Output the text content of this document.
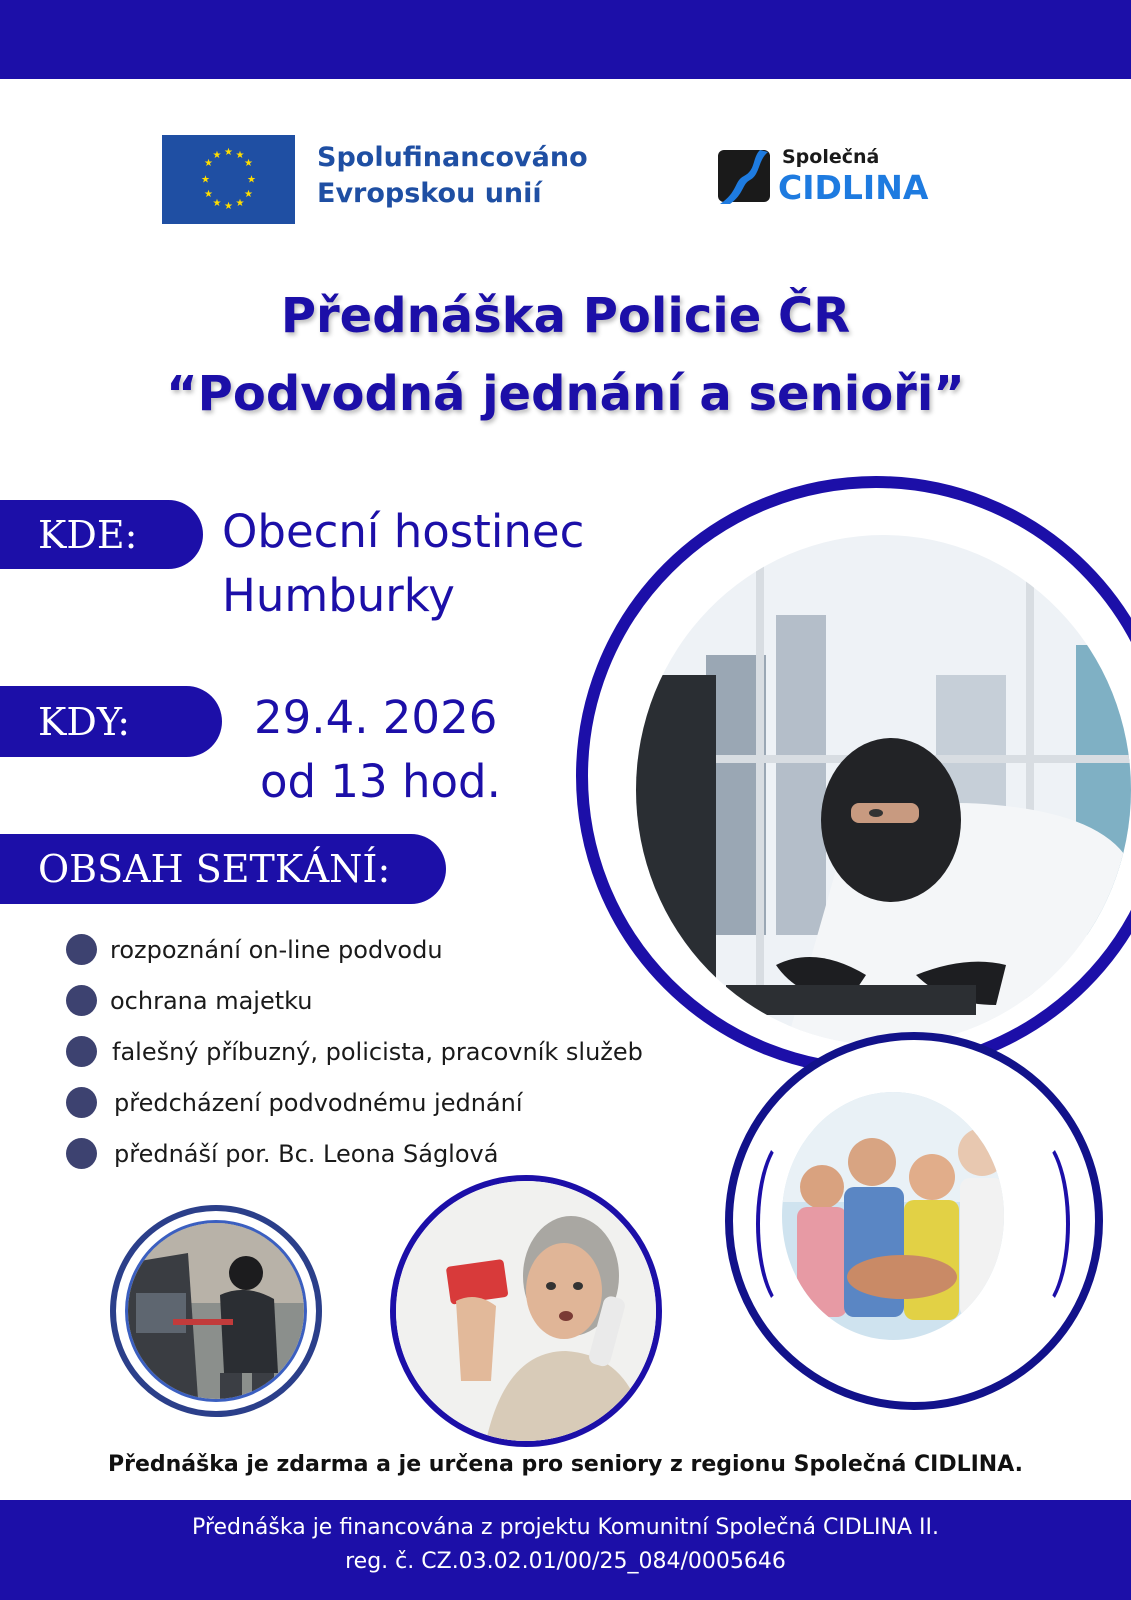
★ ★
★
★
★
★
★
★
★
★
★
★	Spolufinancováno
Evropskou unií
Společná
CIDLINA
Přednáška Policie ČR
“Podvodná jednání a senioři”
KDE: Obecní hostinec
Humburky
KDY:	29.4. 2026
od 13 hod.
OBSAH SETKÁNÍ:
rozpoznání on-line podvodu
ochrana majetku
falešný příbuzný, policista, pracovník služeb
předcházení podvodnému jednání
přednáší por. Bc. Leona Ságlová
Přednáška je zdarma a je určena pro seniory z regionu Společná CIDLINA.
Přednáška je financována z projektu Komunitní Společná CIDLINA II.
reg. č. CZ.03.02.01/00/25_084/0005646
